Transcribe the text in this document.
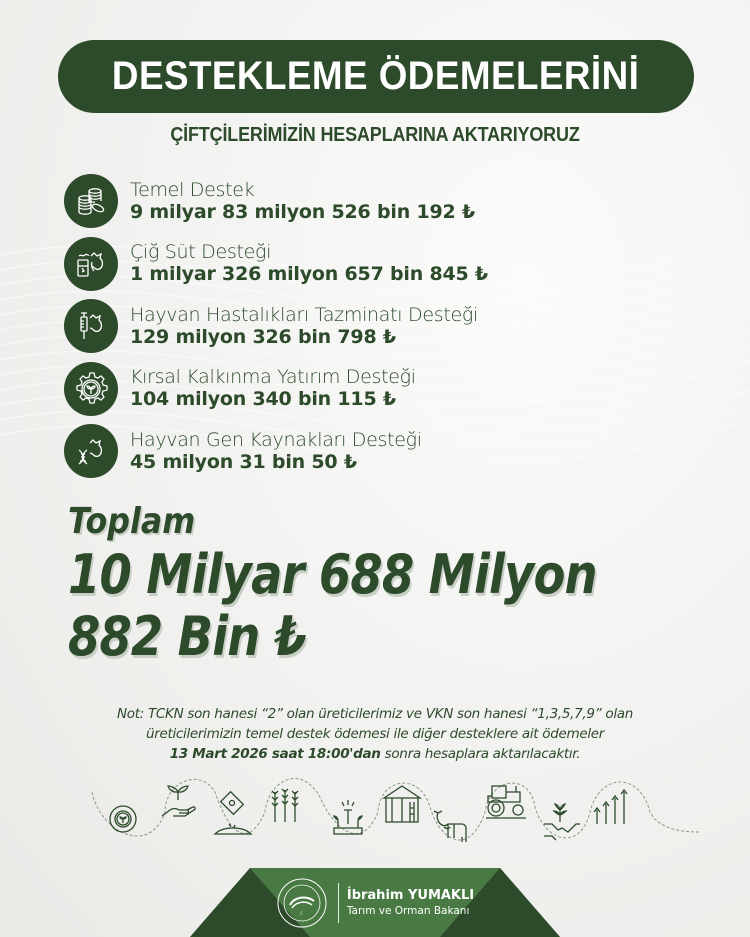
DESTEKLEME ÖDEMELERİNİ
ÇİFTÇİLERİMİZİN HESAPLARINA AKTARIYORUZ
Temel Destek
9 milyar 83 milyon 526 bin 192 ₺
Çiğ Süt Desteği
1 milyar 326 milyon 657 bin 845 ₺
Hayvan Hastalıkları Tazminatı Desteği
129 milyon 326 bin 798 ₺
Kırsal Kalkınma Yatırım Desteği
104 milyon 340 bin 115 ₺
Hayvan Gen Kaynakları Desteği
45 milyon 31 bin 50 ₺
Toplam
10 Milyar 688 Milyon
882 Bin ₺
Not: TCKN son hanesi “2” olan üreticilerimiz ve VKN son hanesi “1,3,5,7,9” olan
üreticilerimizin temel destek ödemesi ile diğer desteklere ait ödemeler
13 Mart 2026 saat 18:00'dan sonra hesaplara aktarılacaktır.
☾
İbrahim YUMAKLI
Tarım ve Orman Bakanı
